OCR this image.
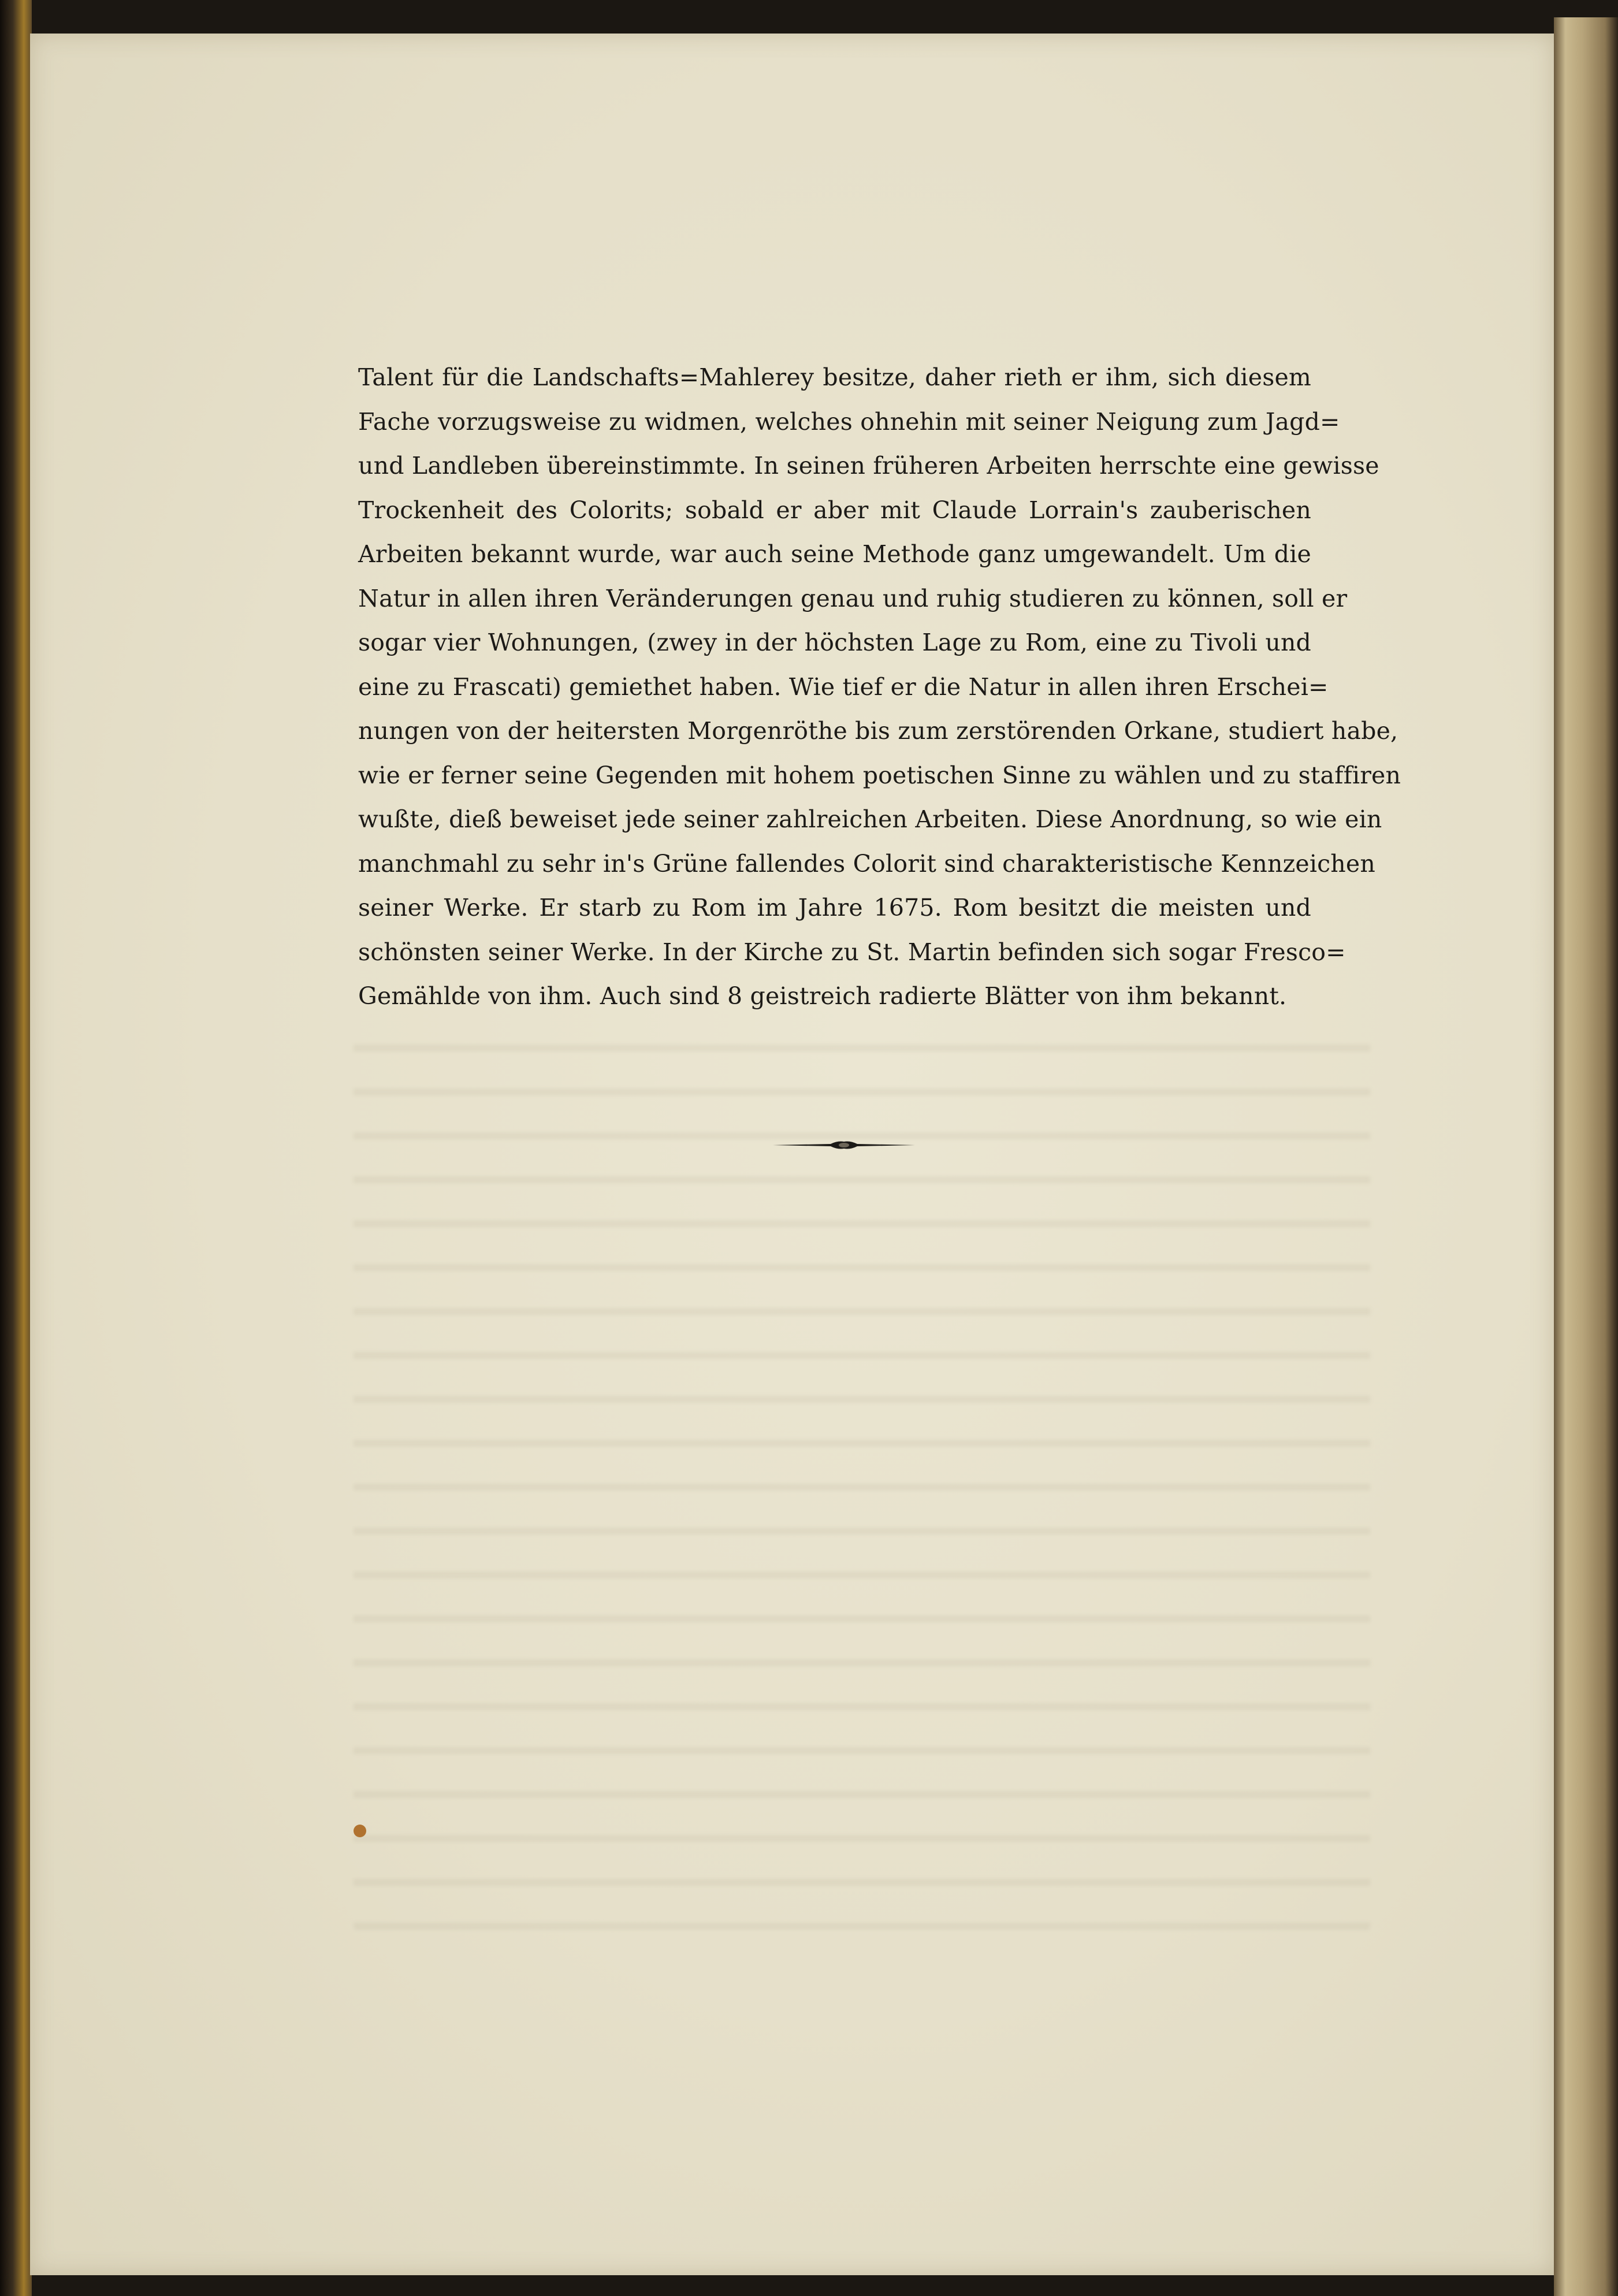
Talent für die Landschafts=Mahlerey besitze, daher rieth er ihm, sich diesem
Fache vorzugsweise zu widmen, welches ohnehin mit seiner Neigung zum Jagd=
und Landleben übereinstimmte. In seinen früheren Arbeiten herrschte eine gewisse
Trockenheit des Colorits; sobald er aber mit Claude Lorrain's zauberischen
Arbeiten bekannt wurde, war auch seine Methode ganz umgewandelt. Um die
Natur in allen ihren Veränderungen genau und ruhig studieren zu können, soll er
sogar vier Wohnungen, (zwey in der höchsten Lage zu Rom, eine zu Tivoli und
eine zu Frascati) gemiethet haben. Wie tief er die Natur in allen ihren Erschei=
nungen von der heitersten Morgenröthe bis zum zerstörenden Orkane, studiert habe,
wie er ferner seine Gegenden mit hohem poetischen Sinne zu wählen und zu staffiren
wußte, dieß beweiset jede seiner zahlreichen Arbeiten. Diese Anordnung, so wie ein
manchmahl zu sehr in's Grüne fallendes Colorit sind charakteristische Kennzeichen
seiner Werke. Er starb zu Rom im Jahre 1675. Rom besitzt die meisten und
schönsten seiner Werke. In der Kirche zu St. Martin befinden sich sogar Fresco=
Gemählde von ihm. Auch sind 8 geistreich radierte Blätter von ihm bekannt.
